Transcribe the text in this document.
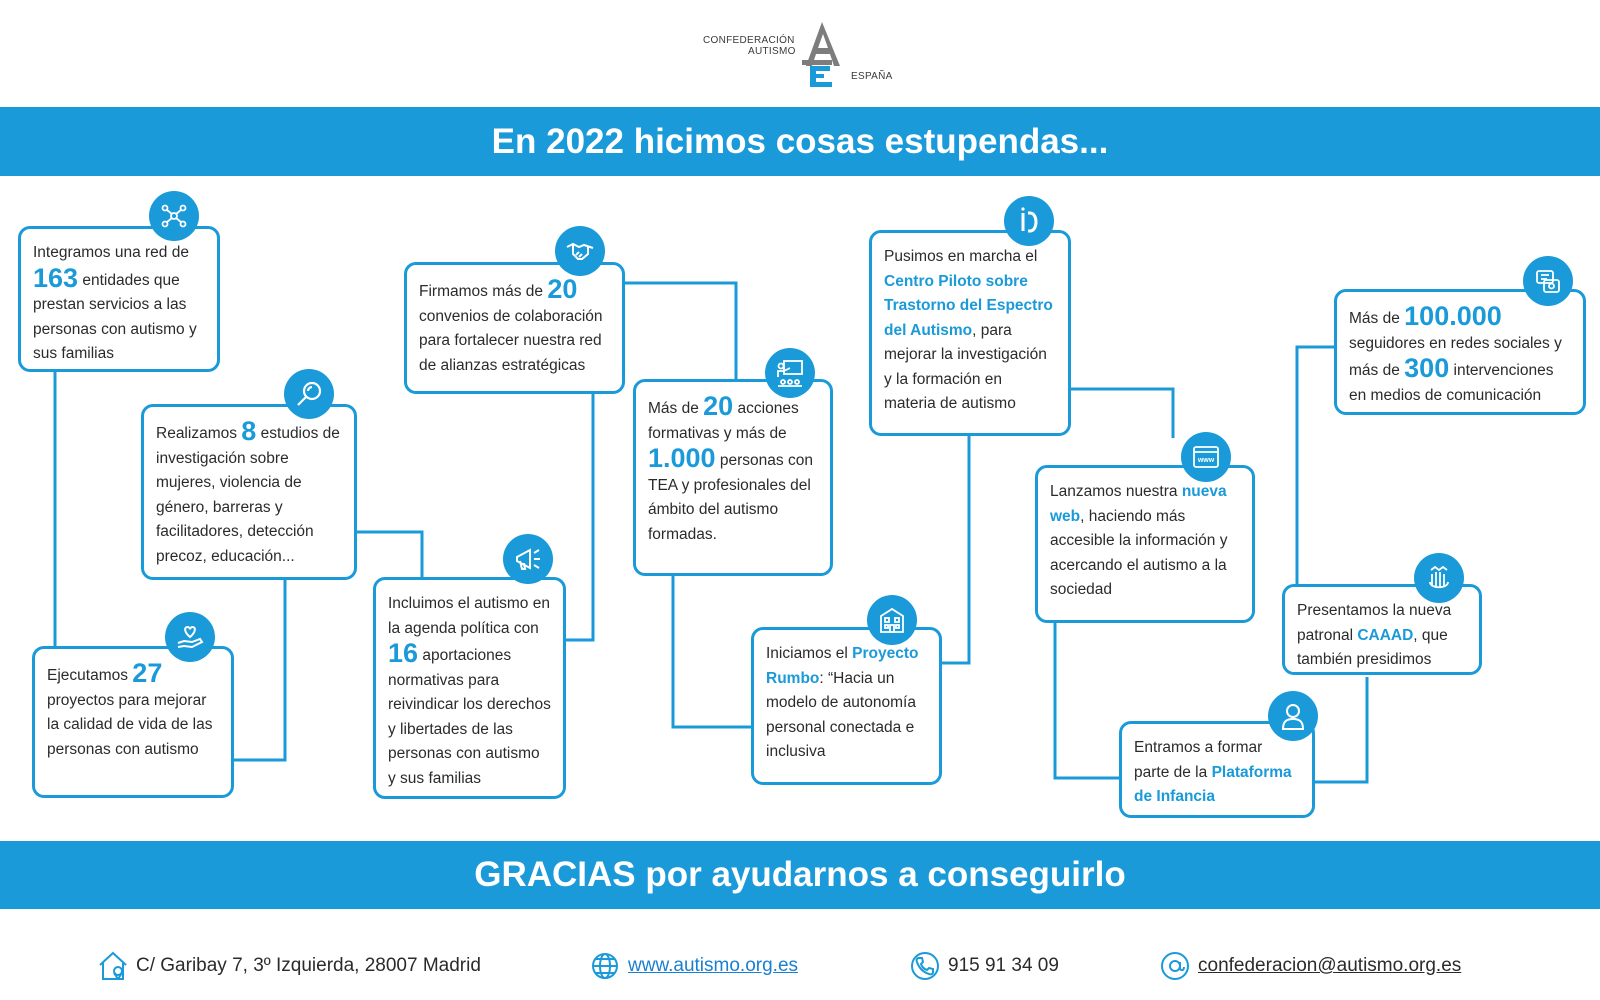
CONFEDERACIÓN
AUTISMO
ESPAÑA
En 2022 hicimos cosas estupendas...
Integramos una red de 163 entidades que prestan servicios a las personas con autismo y sus familias
Realizamos 8 estudios de investigación sobre mujeres, violencia de género, barreras y facilitadores, detección precoz, educación...
Ejecutamos 27 proyectos para mejorar la calidad de vida de las personas con autismo
Firmamos más de 20 convenios de colaboración para fortalecer nuestra red de alianzas estratégicas
Incluimos el autismo en la agenda política con 16 aportaciones normativas para reivindicar los derechos y libertades de las personas con autismo y sus familias
Más de 20 acciones formativas y más de 1.000 personas con TEA y profesionales del ámbito del autismo formadas.
Iniciamos el Proyecto Rumbo: “Hacia un modelo de autonomía personal conectada e inclusiva
Pusimos en marcha el Centro Piloto sobre Trastorno del Espectro del Autismo, para mejorar la investigación y la formación en materia de autismo
Lanzamos nuestra nueva web, haciendo más accesible la información y acercando el autismo a la sociedad
www
Entramos a formar parte de la Plataforma de Infancia
Más de 100.000 seguidores en redes sociales y más de 300 intervenciones en medios de comunicación
Presentamos la nueva patronal CAAAD, que también presidimos
GRACIAS por ayudarnos a conseguirlo
C/ Garibay 7, 3º Izquierda, 28007 Madrid	www.autismo.org.es	915 91 34 09	confederacion@autismo.org.es
